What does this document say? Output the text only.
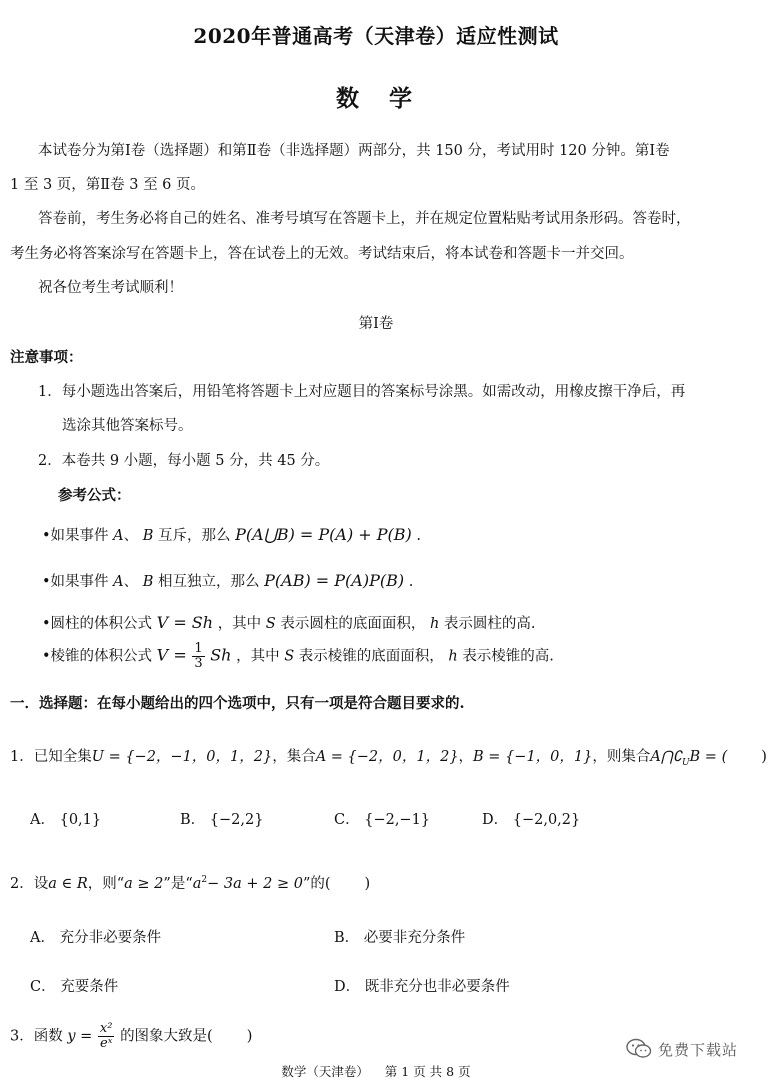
2020年普通高考（天津卷）适应性测试
数学
本试卷分为第Ⅰ卷（选择题）和第Ⅱ卷（非选择题）两部分，共 150 分，考试用时 120 分钟。第Ⅰ卷
1 至 3 页，第Ⅱ卷 3 至 6 页。
答卷前，考生务必将自己的姓名、准考号填写在答题卡上，并在规定位置粘贴考试用条形码。答卷时，
考生务必将答案涂写在答题卡上，答在试卷上的无效。考试结束后，将本试卷和答题卡一并交回。
祝各位考生考试顺利！
第Ⅰ卷
注意事项：
1．每小题选出答案后，用铅笔将答题卡上对应题目的答案标号涂黑。如需改动，用橡皮擦干净后，再
选涂其他答案标号。
2．本卷共 9 小题，每小题 5 分，共 45 分。
参考公式：
•如果事件 A、 B 互斥，那么 P(A⋃B) = P(A) + P(B) .
•如果事件 A、 B 相互独立，那么 P(AB) = P(A)P(B) .
•圆柱的体积公式 V = Sh ，其中 S 表示圆柱的底面面积， h 表示圆柱的高.
•棱锥的体积公式 $V = \frac{1}{3}$ Sh ，其中 S 表示棱锥的底面面积， h 表示棱锥的高.
一．选择题：在每小题给出的四个选项中，只有一项是符合题目要求的.
1．已知全集U = {−2，−1，0，1，2}，集合A = {−2，0，1，2}，B = {−1，0，1}，则集合$A⋂∁_UB$ = ( )
A． {0,1}	B． {−2,2}	C． {−2,−1}	D． {−2,0,2}
2．设a ∈ R，则“a ≥ 2”是“$a^2- 3a + 2 \ge 0$”的( )
A． 充分非必要条件	B． 必要非充分条件
C． 充要条件	D． 既非充分也非必要条件
3．函数 $y = \frac{\text{x²}}{\text{eˣ}}$ 的图象大致是( )
数学（天津卷）    第 1 页 共 8 页
免费下载站
